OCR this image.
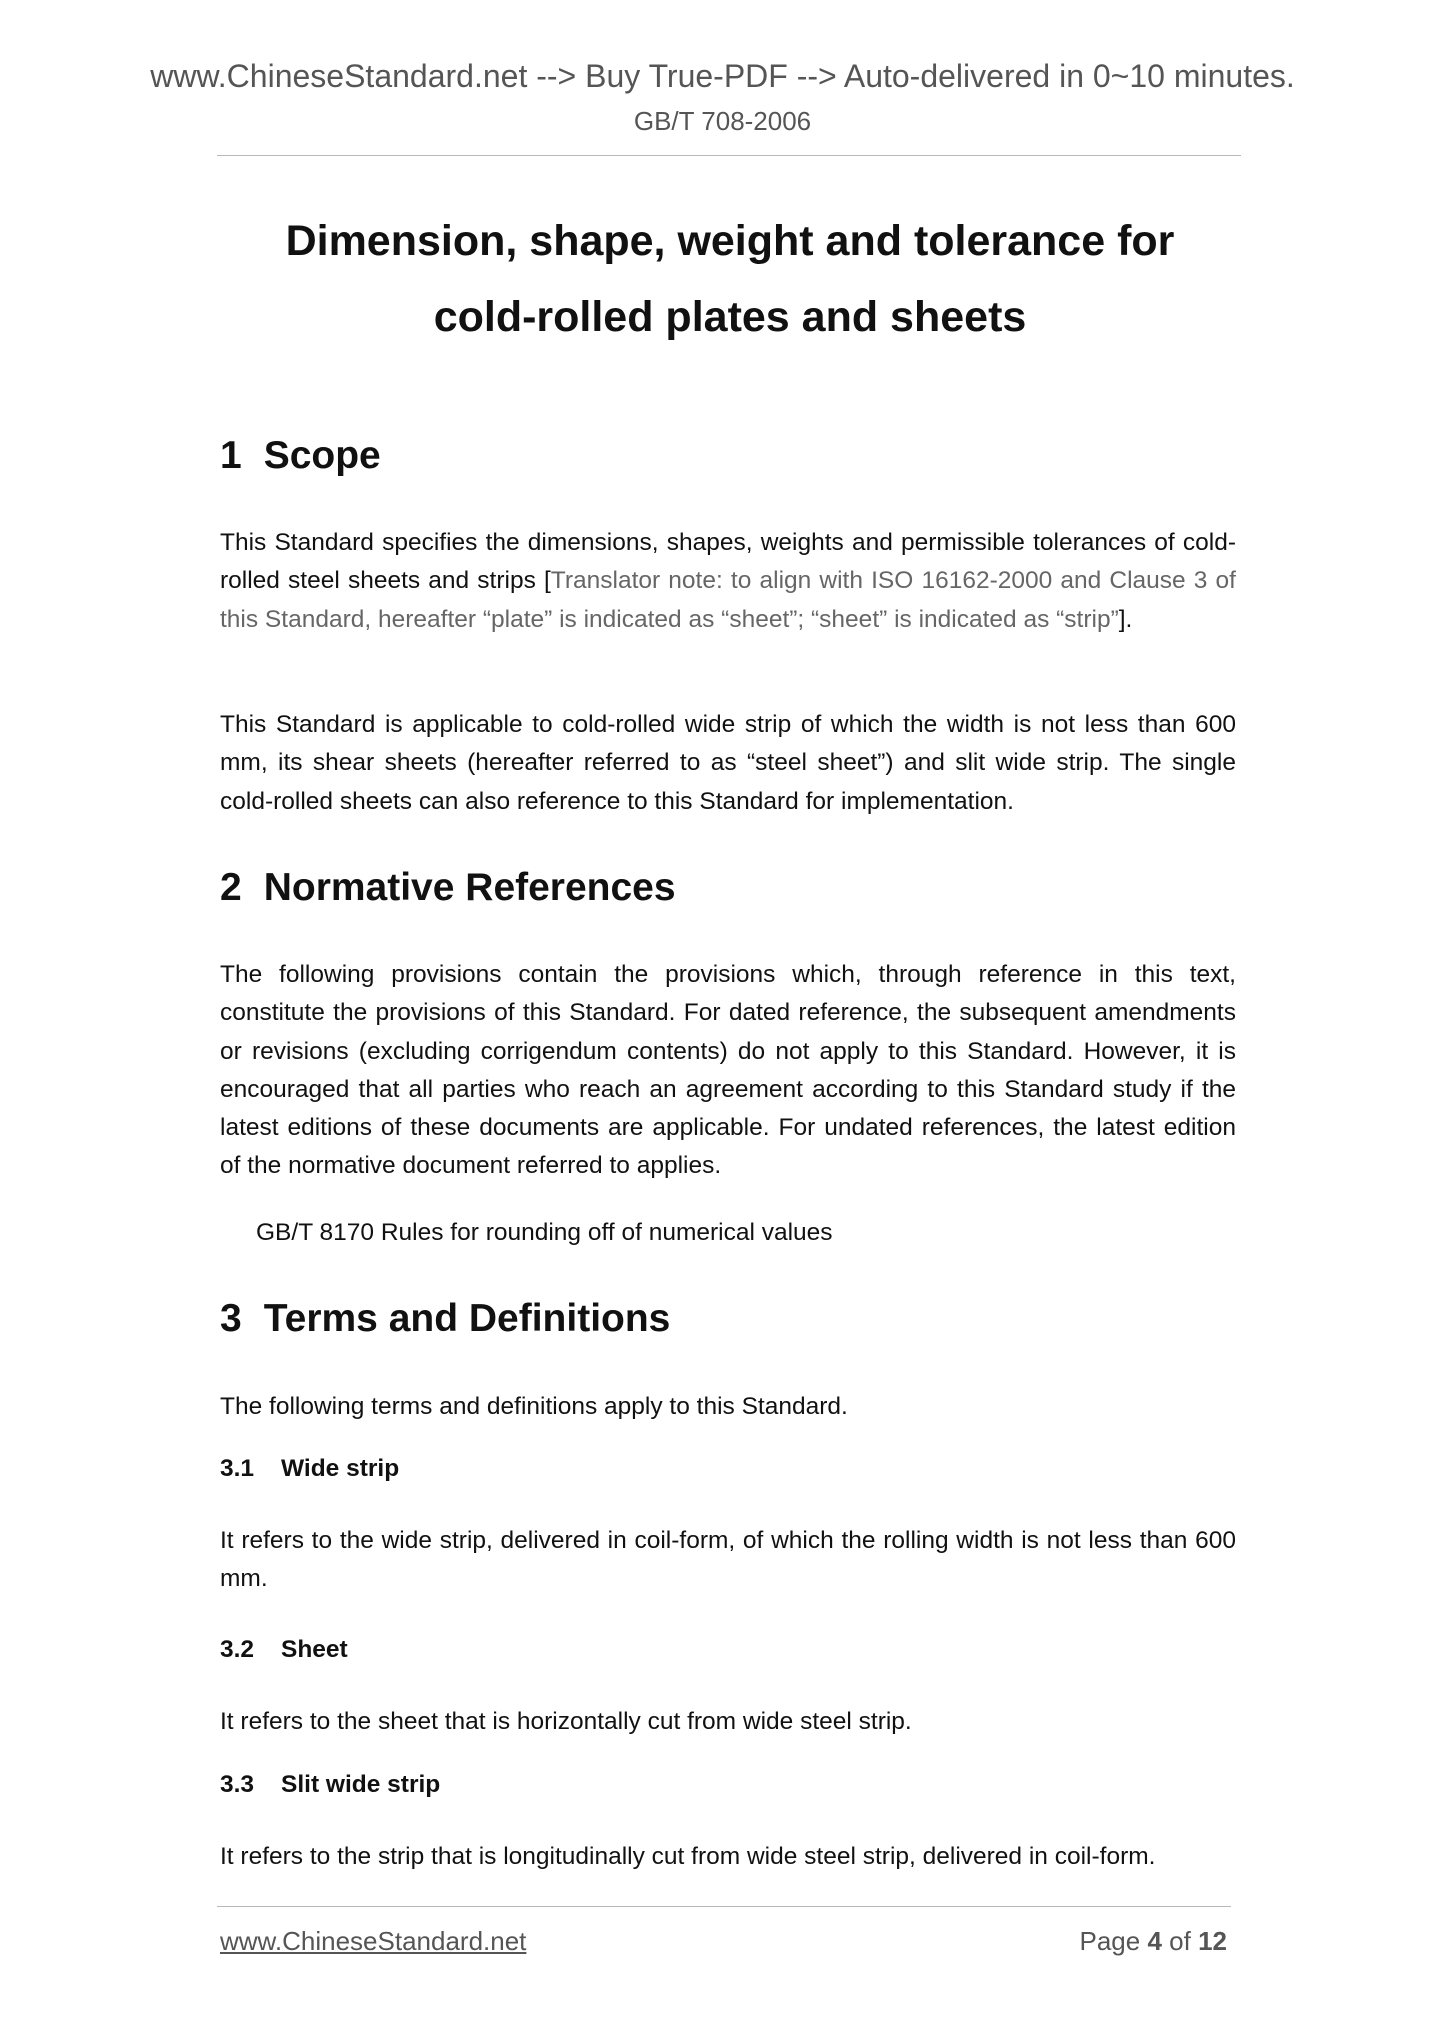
www.ChineseStandard.net --> Buy True-PDF --> Auto-delivered in 0~10 minutes.
GB/T 708-2006
Dimension, shape, weight and tolerance for
cold-rolled plates and sheets
1 Scope
This Standard specifies the dimensions, shapes, weights and permissible tolerances of cold-rolled steel sheets and strips [Translator note: to align with ISO 16162-2000 and Clause 3 of this Standard, hereafter “plate” is indicated as “sheet”; “sheet” is indicated as “strip”].
This Standard is applicable to cold-rolled wide strip of which the width is not less than 600 mm, its shear sheets (hereafter referred to as “steel sheet”) and slit wide strip. The single cold-rolled sheets can also reference to this Standard for implementation.
2 Normative References
The following provisions contain the provisions which, through reference in this text, constitute the provisions of this Standard. For dated reference, the subsequent amendments or revisions (excluding corrigendum contents) do not apply to this Standard. However, it is encouraged that all parties who reach an agreement according to this Standard study if the latest editions of these documents are applicable. For undated references, the latest edition of the normative document referred to applies.
GB/T 8170 Rules for rounding off of numerical values
3 Terms and Definitions
The following terms and definitions apply to this Standard.
3.1 Wide strip
It refers to the wide strip, delivered in coil-form, of which the rolling width is not less than 600 mm.
3.2 Sheet
It refers to the sheet that is horizontally cut from wide steel strip.
3.3 Slit wide strip
It refers to the strip that is longitudinally cut from wide steel strip, delivered in coil-form.
www.ChineseStandard.net	Page 4 of 12
